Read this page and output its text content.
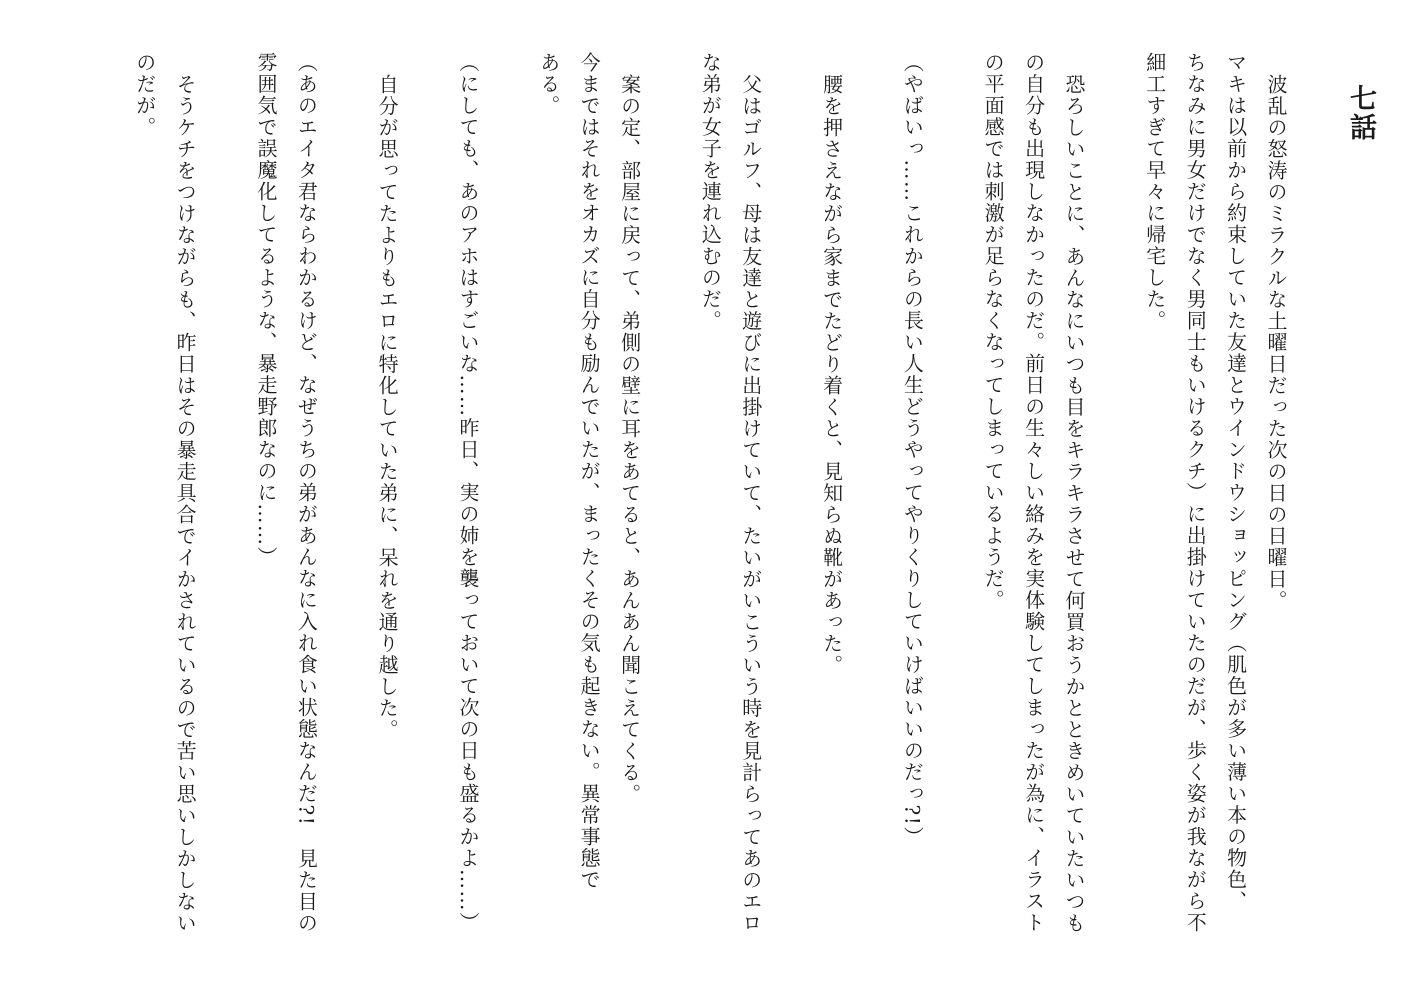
七話
波乱の怒涛のミラクルな土曜日だった次の日の日曜日。
マキは以前から約束していた友達とウインドウショッピング（肌色が多い薄い本の物色、
ちなみに男女だけでなく男同士もいけるクチ）に出掛けていたのだが、歩く姿が我ながら不
細工すぎて早々に帰宅した。
恐ろしいことに、あんなにいつも目をキラキラさせて何買おうかとときめいていたいつも
の自分も出現しなかったのだ。前日の生々しい絡みを実体験してしまったが為に、イラスト
の平面感では刺激が足らなくなってしまっているようだ。
（やばいっ……これからの長い人生どうやってやりくりしていけばいいのだっ?!）
腰を押さえながら家までたどり着くと、見知らぬ靴があった。
父はゴルフ、母は友達と遊びに出掛けていて、たいがいこういう時を見計らってあのエロ
な弟が女子を連れ込むのだ。
案の定、部屋に戻って、弟側の壁に耳をあてると、あんあん聞こえてくる。
今まではそれをオカズに自分も励んでいたが、まったくその気も起きない。異常事態で
ある。
（にしても、あのアホはすごいな……昨日、実の姉を襲っておいて次の日も盛るかよ……）
自分が思ってたよりもエロに特化していた弟に、呆れを通り越した。
（あのエイタ君ならわかるけど、なぜうちの弟があんなに入れ食い状態なんだ?!　見た目の
雰囲気で誤魔化してるような、暴走野郎なのに……）
そうケチをつけながらも、昨日はその暴走具合でイかされているので苦い思いしかしない
のだが。
